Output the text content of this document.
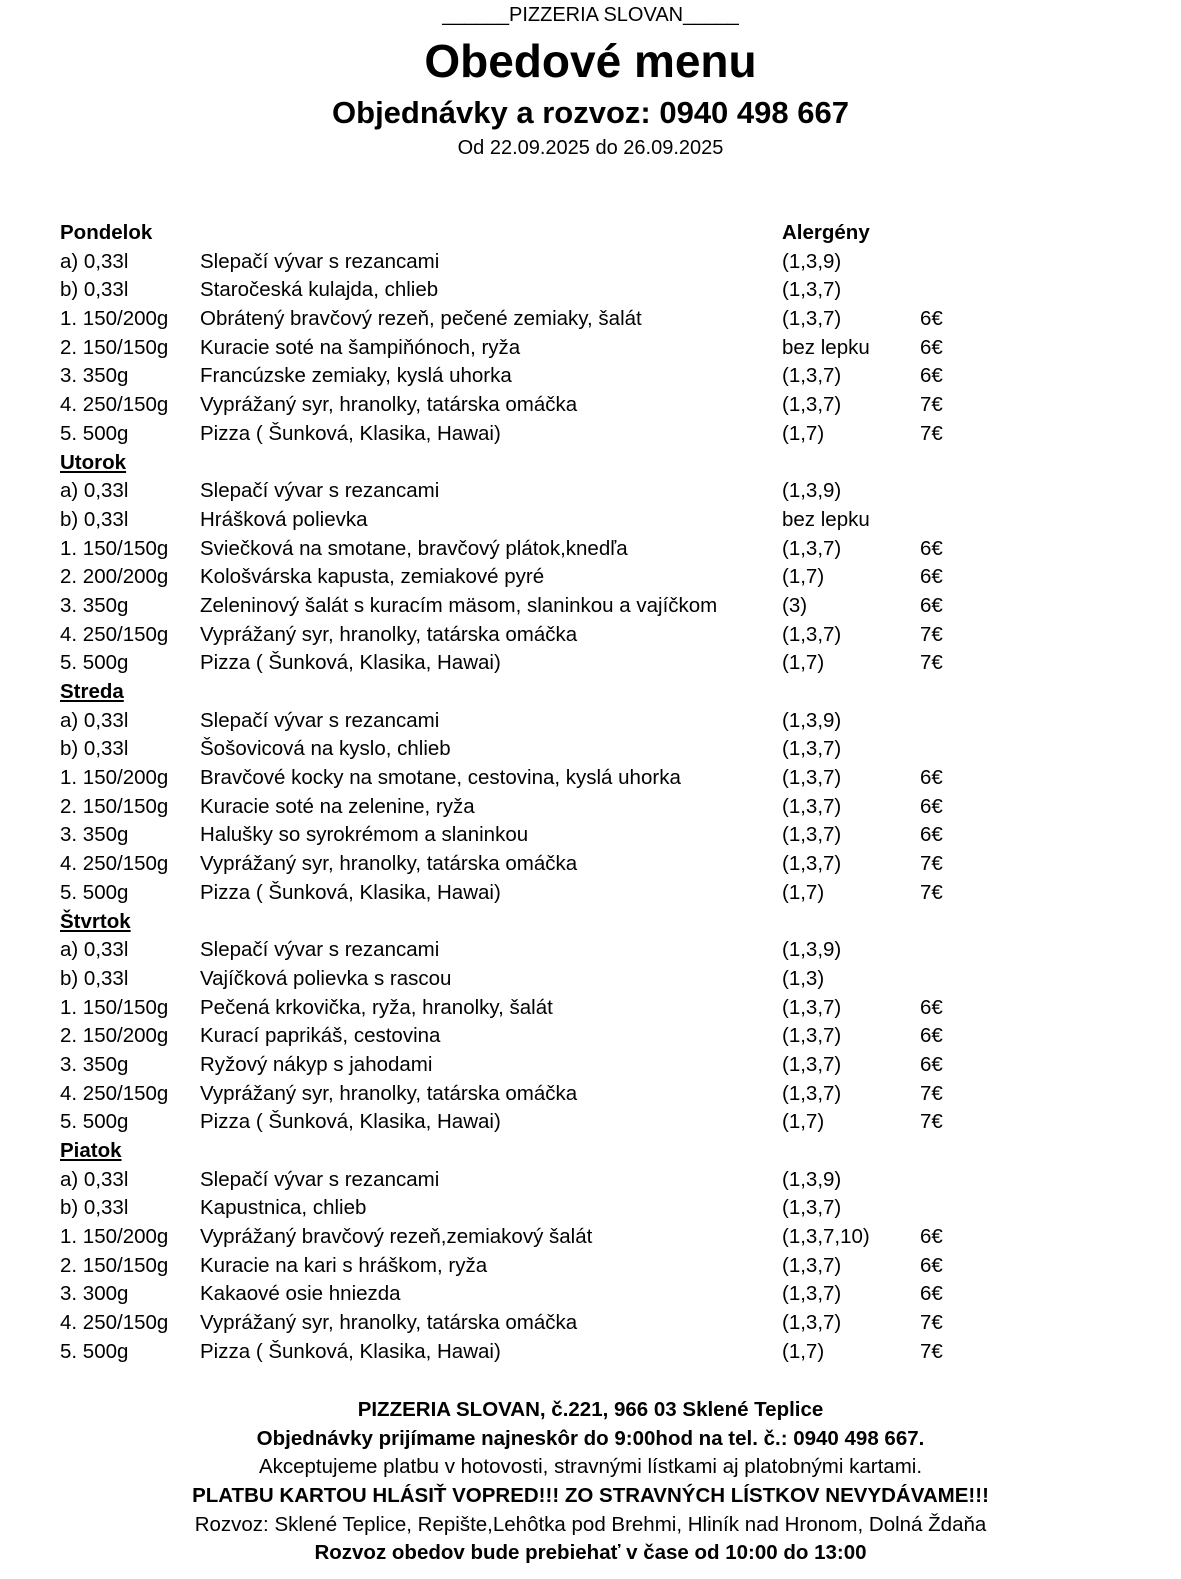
______PIZZERIA SLOVAN_____
Obedové menu
Objednávky a rozvoz: 0940 498 667
Od 22.09.2025 do 26.09.2025
Pondelok	Alergény
a) 0,33l	Slepačí vývar s rezancami	(1,3,9)
b) 0,33l	Staročeská kulajda, chlieb	(1,3,7)
1. 150/200g Obrátený bravčový rezeň, pečené zemiaky, šalát	(1,3,7)	6€
2. 150/150g Kuracie soté na šampiňónoch, ryža	bez lepku 6€
3. 350g	Francúzske zemiaky, kyslá uhorka	(1,3,7)	6€
4. 250/150g Vyprážaný syr, hranolky, tatárska omáčka	(1,3,7)	7€
5. 500g	Pizza ( Šunková, Klasika, Hawai)	(1,7)	7€
Utorok
a) 0,33l	Slepačí vývar s rezancami	(1,3,9)
b) 0,33l	Hrášková polievka	bez lepku
1. 150/150g Sviečková na smotane, bravčový plátok,knedľa	(1,3,7)	6€
2. 200/200g Kološvárska kapusta, zemiakové pyré	(1,7)	6€
3. 350g	Zeleninový šalát s kuracím mäsom, slaninkou a vajíčkom	(3)	6€
4. 250/150g Vyprážaný syr, hranolky, tatárska omáčka	(1,3,7)	7€
5. 500g	Pizza ( Šunková, Klasika, Hawai)	(1,7)	7€
Streda
a) 0,33l	Slepačí vývar s rezancami	(1,3,9)
b) 0,33l	Šošovicová na kyslo, chlieb	(1,3,7)
1. 150/200g Bravčové kocky na smotane, cestovina, kyslá uhorka	(1,3,7)	6€
2. 150/150g Kuracie soté na zelenine, ryža	(1,3,7)	6€
3. 350g	Halušky so syrokrémom a slaninkou	(1,3,7)	6€
4. 250/150g Vyprážaný syr, hranolky, tatárska omáčka	(1,3,7)	7€
5. 500g	Pizza ( Šunková, Klasika, Hawai)	(1,7)	7€
Štvrtok
a) 0,33l	Slepačí vývar s rezancami	(1,3,9)
b) 0,33l	Vajíčková polievka s rascou	(1,3)
1. 150/150g Pečená krkovička, ryža, hranolky, šalát	(1,3,7)	6€
2. 150/200g Kurací paprikáš, cestovina	(1,3,7)	6€
3. 350g	Ryžový nákyp s jahodami	(1,3,7)	6€
4. 250/150g Vyprážaný syr, hranolky, tatárska omáčka	(1,3,7)	7€
5. 500g	Pizza ( Šunková, Klasika, Hawai)	(1,7)	7€
Piatok
a) 0,33l	Slepačí vývar s rezancami	(1,3,9)
b) 0,33l	Kapustnica, chlieb	(1,3,7)
1. 150/200g Vyprážaný bravčový rezeň,zemiakový šalát	(1,3,7,10) 6€
2. 150/150g Kuracie na kari s hráškom, ryža	(1,3,7)	6€
3. 300g	Kakaové osie hniezda	(1,3,7)	6€
4. 250/150g Vyprážaný syr, hranolky, tatárska omáčka	(1,3,7)	7€
5. 500g	Pizza ( Šunková, Klasika, Hawai)	(1,7)	7€
PIZZERIA SLOVAN, č.221, 966 03 Sklené Teplice
Objednávky prijímame najneskôr do 9:00hod na tel. č.: 0940 498 667.
Akceptujeme platbu v hotovosti, stravnými lístkami aj platobnými kartami.
PLATBU KARTOU HLÁSIŤ VOPRED!!! ZO STRAVNÝCH LÍSTKOV NEVYDÁVAME!!!
Rozvoz: Sklené Teplice, Repište,Lehôtka pod Brehmi, Hliník nad Hronom, Dolná Ždaňa
Rozvoz obedov bude prebiehať v čase od 10:00 do 13:00
